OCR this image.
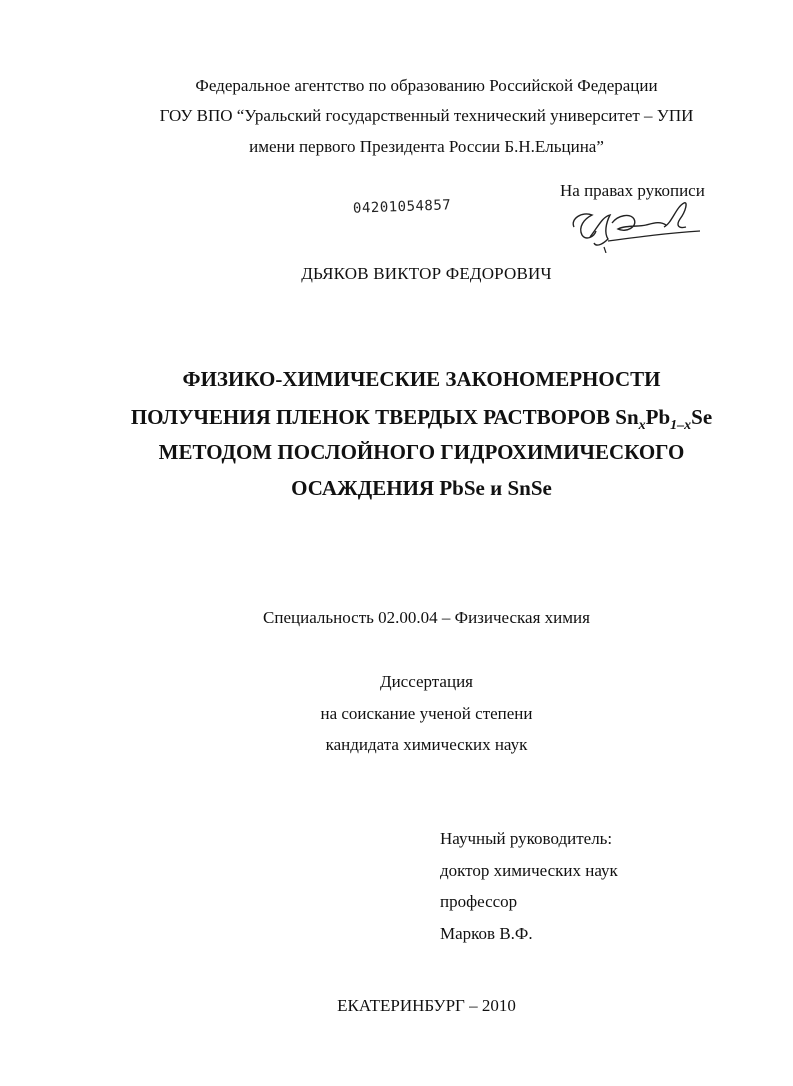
Федеральное агентство по образованию Российской Федерации
ГОУ ВПО “Уральский государственный технический университет – УПИ
имени первого Президента России Б.Н.Ельцина”
04201054857
На правах рукописи
ДЬЯКОВ ВИКТОР ФЕДОРОВИЧ
ФИЗИКО-ХИМИЧЕСКИЕ ЗАКОНОМЕРНОСТИ
ПОЛУЧЕНИЯ ПЛЕНОК ТВЕРДЫХ РАСТВОРОВ $Sn_xPb_{1-x}Se$
МЕТОДОМ ПОСЛОЙНОГО ГИДРОХИМИЧЕСКОГО
ОСАЖДЕНИЯ PbSe и SnSe
Специальность 02.00.04 – Физическая химия
Диссертация
на соискание ученой степени
кандидата химических наук
Научный руководитель:
доктор химических наук
профессор
Марков В.Ф.
ЕКАТЕРИНБУРГ – 2010
